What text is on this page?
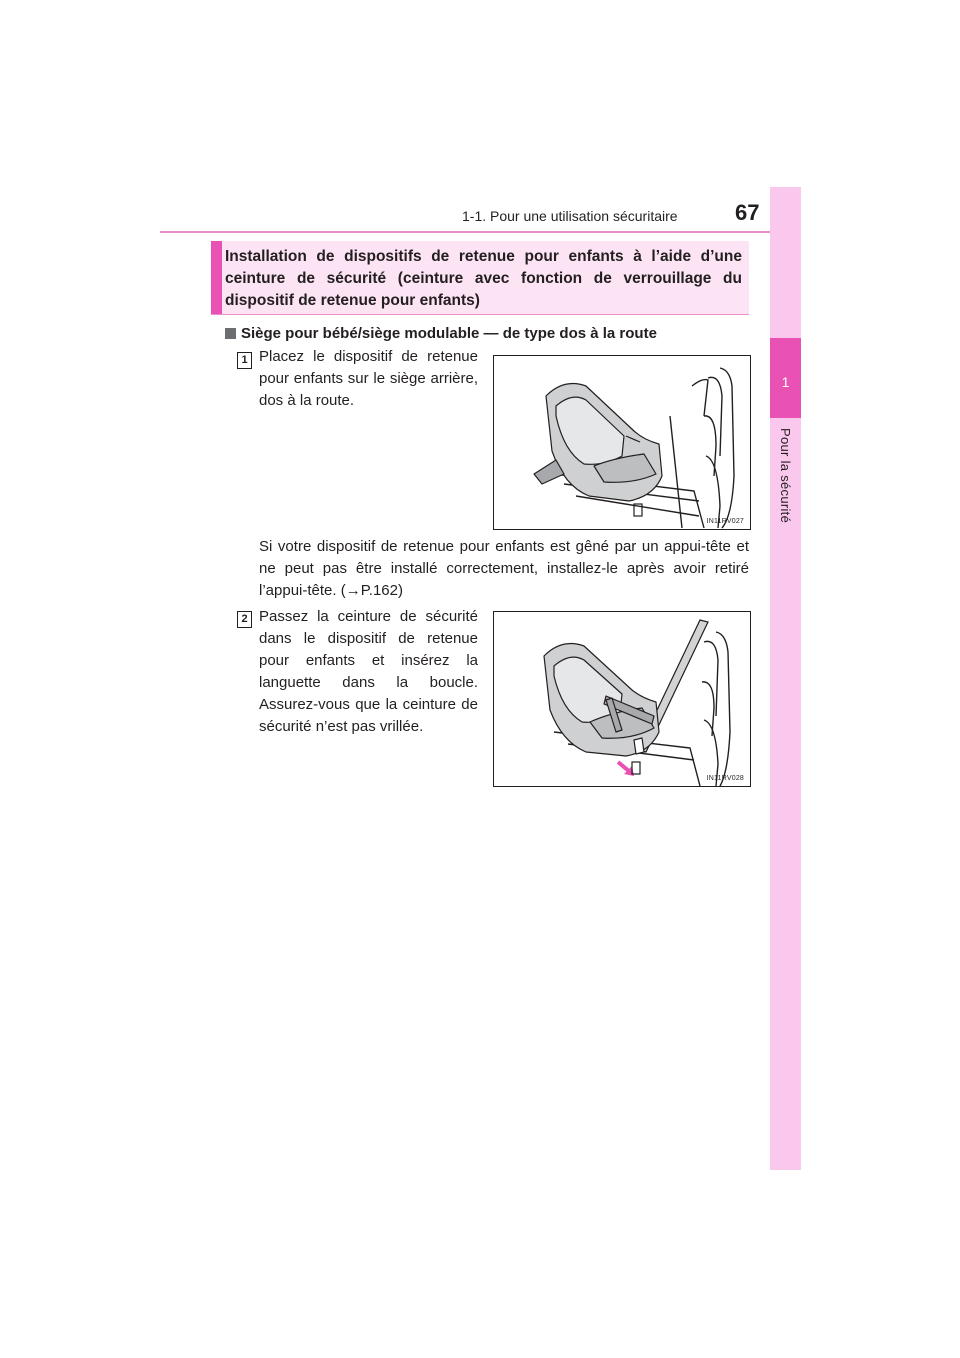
1-1. Pour une utilisation sécuritaire	67
1
Pour la sécurité
Installation de dispositifs de retenue pour enfants à l’aide d’une ceinture de sécurité (ceinture avec fonction de verrouillage du dispositif de retenue pour enfants)
Siège pour bébé/siège modulable — de type dos à la route
1 Placez le dispositif de retenue pour enfants sur le siège arrière, dos à la route.
IN11RV027
Si votre dispositif de retenue pour enfants est gêné par un appui-tête et ne peut pas être installé correctement, installez-le après avoir retiré l’appui-tête. (→P.162)
2 Passez la ceinture de sécurité dans le dispositif de retenue pour enfants et insérez la languette dans la boucle. Assurez-vous que la ceinture de sécurité n’est pas vrillée.
IN11RV028
